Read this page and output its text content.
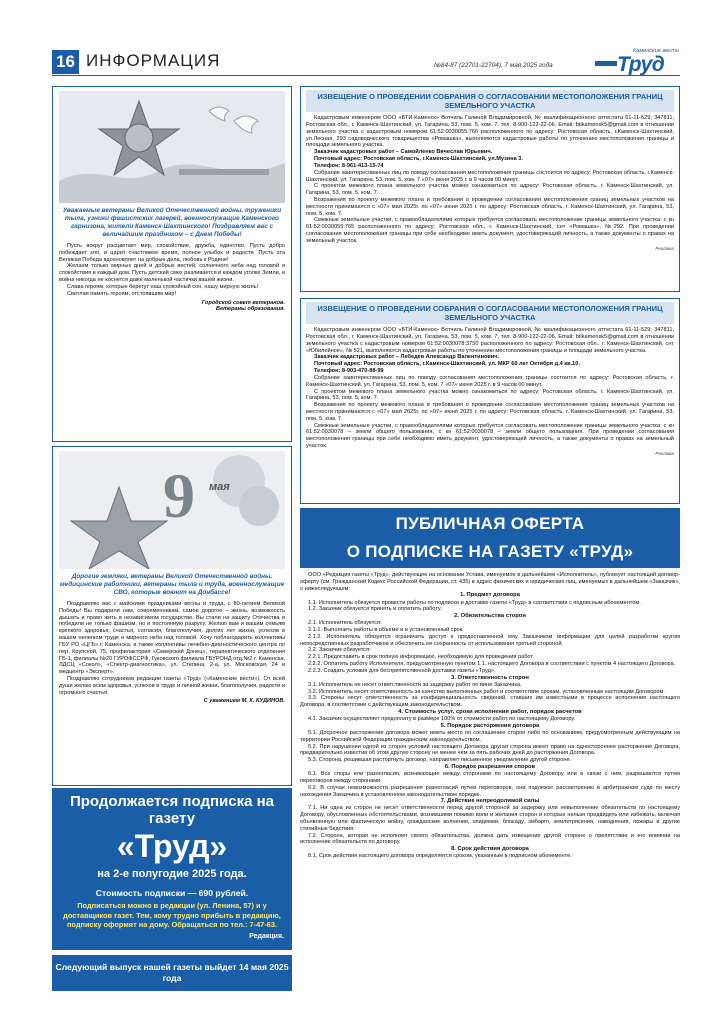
16 ИНФОРМАЦИЯ	№84-87 (22701-22704), 7 мая 2025 года	Труд
Каменские вести
Уважаемые ветераны Великой Отечественной войны, труженики тыла, узники фашистских лагерей, военнослужащие Каменского гарнизона, жители Каменск-Шахтинского! Поздравляем вас с величайшим праздником – с Днем Победы!

Пусть вокруг расцветает мир, спокойствие, дружба, единство. Пусть добро побеждает зло, и царит счастливое время, полное улыбок и радости. Пусть эта Великая Победа вдохновляет на добрые дела, любовь к Родине!

Желаем только мирных дней и добрых вестей, солнечного неба над головой и спокойствия в каждый дом. Пусть детский смех разливается в каждом уголке Земли, и война никогда не коснется даже маленькой частички вашей жизни.

Слава героям, которые берегут наш спокойный сон, нашу мирную жизнь!

Светлая память героям, отстоявшим мир!

Городской совет ветеранов.
Ветераны образования.
9 мая
Дорогие земляки, ветераны Великой Отечественной войны, медицинские работники, ветераны тыла и труда, военнослужащие СВО, которые воюют на Донбассе!

Поздравляю вас с майскими праздниками весны и труда, с 80-летием Великой Победы! Вы подарили нам, современникам, самое дорогое – жизнь, возможность дышать и право жить в независимом государстве. Вы стали на защиту Отечества и победили не только фашизм, но и постоянную разруху. Желаю вам и вашим семьям крепкого здоровья, счастья, согласия, благополучия, долгих лет жизни, успехов в вашем нелегком труде и мирного неба над головой. Хочу поблагодарить коллективы ГБУ РО «ЦГБ» г. Каменска, а также коллективы лечебно-диагностического центра по пер. Крупской, 75, профилактория «Северский Донец», терапевтического отделения ГБ-1, филиалы №20 ГУРОФССРФ, Гуковского филиала ГБУРОНД отд.№2 г. Каменска, ЛДСЦ «Сокол», «Спектр-диагностика», ул. Степина, 2-а, ул. Московская, 24 и медцентр «Эксперт».

Поздравляю сотрудников редакции газеты «Труд» («Каменские вести»). От всей души желаю всем здоровья, успехов в труде и личной жизни, благополучия, радости и огромного счастья.

С уважением М. К. КУДИНОВ.
Продолжается подписка на газету
«Труд»
на 2-е полугодие 2025 года.
Стоимость подписки — 690 рублей.
Подписаться можно в редакции (ул. Ленина, 57) и у доставщиков газет. Тем, кому трудно прибыть в редакцию, подписку оформят на дому. Обращаться по тел.: 7-47-63.
Редакция.
Следующий выпуск нашей газеты выйдет 14 мая 2025 года
ИЗВЕЩЕНИЕ О ПРОВЕДЕНИИ СОБРАНИЯ О СОГЛАСОВАНИИ МЕСТОПОЛОЖЕНИЯ ГРАНИЦ ЗЕМЕЛЬНОГО УЧАСТКА

Кадастровым инженером ООО «БТИ-Каменск» Вотчиль Галиной Владимировной, № квалификационного аттестата 61-11-529; 347811, Ростовская обл., г. Каменск-Шахтинский, ул. Гагарина, 53, пом. 5, ком. 7, тел. 8-900-122-22-06, Email: btikamensk5@gmail.com в отношении земельного участка с кадастровым номером 61:52:0030055:766 расположенного по адресу: Ростовская область, г.Каменск-Шахтинский, ул.Лесная, 293 садоводческого товарищества «Ромашка», выполняются кадастровые работы по уточнению местоположения границы и площади земельного участка.

Заказчик кадастровых работ – Самойленко Вячеслав Юрьевич.

Почтовый адрес: Ростовская область, г.Каменск-Шахтинский, ул.Музина 3.

Телефон: 8-961-413-15-74

Собрание заинтересованных лиц по поводу согласования местоположения границы состоится по адресу: Ростовская область, г.Каменск-Шахтинский, ул. Гагарина, 53, пом. 5, ком. 7 «07» июня 2025 г. в 9 часов 00 минут.

С проектом межевого плана земельного участка можно ознакомиться по адресу: Ростовская область, г. Каменск-Шахтинский, ул. Гагарина, 53, пом. 5, ком. 7.

Возражения по проекту межевого плана и требования о проведении согласования местоположения границ земельных участков на местности принимаются с «07» мая 2025г. по «07» июня 2025 г. по адресу: Ростовская область, г. Каменск-Шахтинский, ул. Гагарина, 53, пом. 5, ком. 7.

Смежные земельные участки, с правообладателями которых требуется согласовать местоположение границы земельного участка: с кн 61:52:0030055:765 расположенного по адресу: Ростовская обл., г. Каменск-Шахтинский, снт «Ромашка», №292. При проведении согласования местоположения границы при себе необходимо иметь документ, удостоверяющий личность, а также документы о правах на земельный участок.

Реклама
ИЗВЕЩЕНИЕ О ПРОВЕДЕНИИ СОБРАНИЯ О СОГЛАСОВАНИИ МЕСТОПОЛОЖЕНИЯ ГРАНИЦ ЗЕМЕЛЬНОГО УЧАСТКА

Кадастровым инженером ООО «БТИ-Каменск» Вотчиль Галиной Владимировной, № квалификационного аттестата 61-11-529; 347811, Ростовская обл., г. Каменск-Шахтинский, ул. Гагарина, 53, пом. 5, ком. 7, тел. 8-900-122-22-06, Email: btikamensk5@gmail.com в отношении земельного участка с кадастровым номером 61:52:0030078:3750 расположенного по адресу: Ростовская обл., г. Каменск-Шахтинский, снт «Юбилейное», № 521, выполняются кадастровые работы по уточнению местоположения границы и площади земельного участка.

Заказчик кадастровых работ – Лебедев Александр Валентинович.

Почтовый адрес: Ростовская область, г.Каменск-Шахтинский, ул. МКР 60 лет Октября д.4 кв.10.

Телефон: 8-903-470-88-99

Собрание заинтересованных лиц по поводу согласования местоположения границы состоится по адресу: Ростовская область, г. Каменск-Шахтинский, ул. Гагарина, 53, пом. 5, ком. 7 «07» июня 2025 г. в 9 часов 00 минут.

С проектом межевого плана земельного участка можно ознакомиться по адресу: Ростовская область, г. Каменск-Шахтинский, ул. Гагарина, 53, пом. 5, ком. 7.

Возражения по проекту межевого плана и требования о проведении согласования местоположения границ земельных участков на местности принимаются с «07» мая 2025г. по «07» июня 2025 г. по адресу: Ростовская область, г. Каменск-Шахтинский, ул. Гагарина, 53, пом. 5, ком. 7.

Смежные земельные участки, с правообладателями которых требуется согласовать местоположение границы земельного участка: с кн 61:52:0030078 – земли общего пользования, с кн 61:52:0030078 – земли общего пользования. При проведении согласования местоположения границы при себе необходимо иметь документ, удостоверяющий личность, а также документы о правах на земельный участок.

Реклама
ПУБЛИЧНАЯ ОФЕРТА
О ПОДПИСКЕ НА ГАЗЕТУ «ТРУД»

ООО «Редакция газеты «Труд», действующее на основании Устава, именуемое в дальнейшем «Исполнитель», публикует настоящий договор-оферту (см. Гражданский Кодекс Российской Федерации, ст. 435) в адрес физических и юридических лиц, именуемых в дальнейшем «Заказчик», о нижеследующем:

1. Предмет договора

1.1. Исполнитель обязуется провести работы по подписке и доставке газеты «Труд» в соответствии с подписным абонементом.

1.2. Заказчик обязуется принять и оплатить работу.

2. Обязательства сторон

2.1. Исполнитель обязуется:

2.1.1. Выполнить работы в объеме и в установленный срок.

2.1.2. Исполнитель обязуется ограничить доступ к предоставленной ему Заказчиком информации для целей разработки кругом непосредственных разработчиков и обеспечить ее сохранность от использования третьей стороной.

2.2. Заказчик обязуется:

2.2.1. Предоставить в срок полную информацию, необходимую для проведения работ.

2.2.2. Оплатить работу Исполнителя, предусмотренную пунктом 1.1. настоящего Договора в соответствии с пунктом 4 настоящего Договора.

2.2.3. Создать условия для беспрепятственной доставки газеты «Труд».

3. Ответственность сторон

3.1. Исполнитель не несет ответственности за задержку работ по вине Заказчика.

3.2. Исполнитель несет ответственность за качество выполненных работ и соответствие срокам, установленным настоящим Договором.

3.3. Стороны несут ответственность за конфиденциальность сведений, ставших им известными в процессе исполнения настоящего Договора, в соответствии с действующим законодательством.

4. Стоимость услуг, сроки исполнения работ, порядок расчетов

4.1. Заказчик осуществляет предоплату в размере 100% от стоимости работ по настоящему Договору.

5. Порядок расторжения договора

5.1. Досрочное расторжение договора может иметь место по соглашению сторон либо по основаниям, предусмотренным действующим на территории Российской Федерации гражданским законодательством.

5.2. При нарушении одной из сторон условий настоящего Договора другая сторона имеет право на одностороннее расторжение Договора, предварительно известив об этом другую сторону не менее чем за пять рабочих дней до расторжения Договора.

5.3. Сторона, решившая расторгнуть договор, направляет письменное уведомление другой стороне.

6. Порядок разрешения споров

6.1. Все споры или разногласия, возникающие между сторонами по настоящему Договору или в связи с ним, разрешаются путем переговоров между сторонами.

6.2. В случае невозможности разрешения разногласий путем переговоров, они подлежат рассмотрению в арбитражном суде по месту нахождения Заказчика в установленном законодательством порядке.

7. Действие непреодолимой силы

7.1. Ни одна из сторон не несет ответственности перед другой стороной за задержку или невыполнение обязательств по настоящему Договору, обусловленных обстоятельствами, возникшими помимо воли и желания сторон и которые нельзя предвидеть или избежать, включая объявленную или фактическую войну, гражданские волнения, эпидемии, блокаду, эмбарго, землетрясения, наводнения, пожары и другие стихийные бедствия.

7.2. Сторона, которая не исполняет своего обязательства, должна дать извещение другой стороне о препятствии и его влиянии на исполнение обязательств по договору.

8. Срок действия договора

8.1. Срок действия настоящего договора определяется сроком, указанным в подписном абонементе.
